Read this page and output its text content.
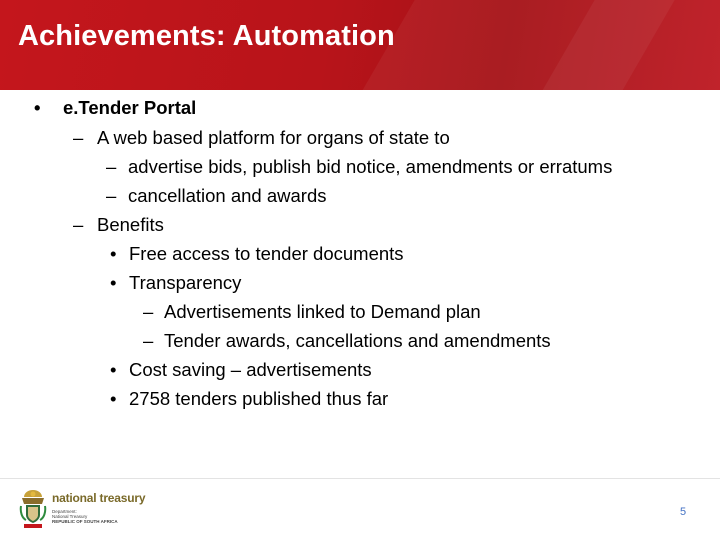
Achievements: Automation
• e.Tender Portal
– A web based platform for organs of state to
– advertise bids, publish bid notice, amendments or erratums
– cancellation and awards
– Benefits
• Free access to tender documents
• Transparency
– Advertisements linked to Demand plan
– Tender awards, cancellations and amendments
• Cost saving – advertisements
• 2758 tenders published thus far
national treasury
Department:
National Treasury
REPUBLIC OF SOUTH AFRICA
5
